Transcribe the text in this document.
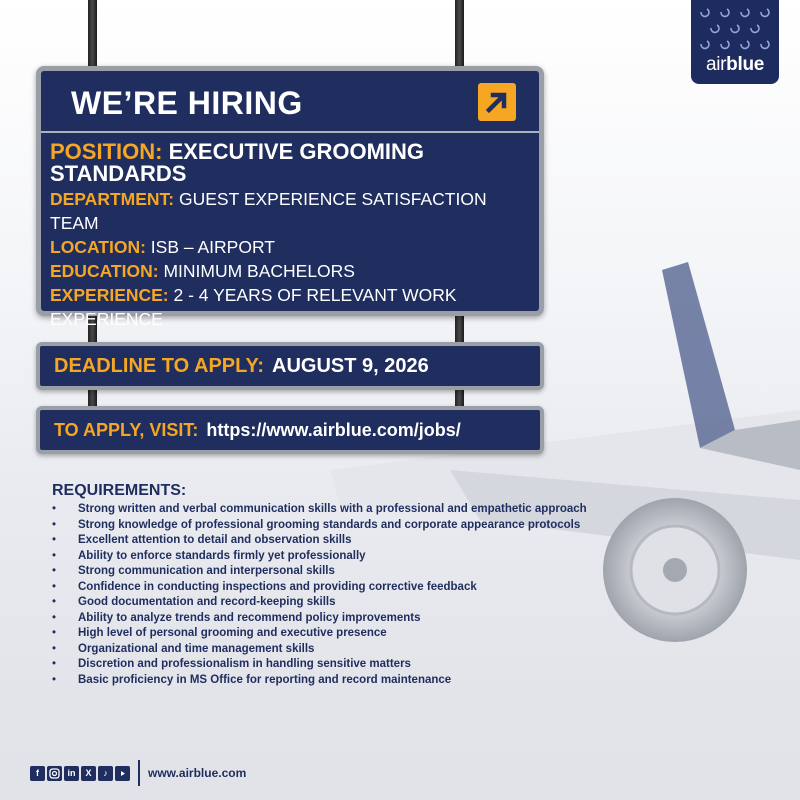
airblue
WE’RE HIRING
POSITION: EXECUTIVE GROOMING STANDARDS
DEPARTMENT: GUEST EXPERIENCE SATISFACTION TEAM
LOCATION: ISB – AIRPORT
EDUCATION: MINIMUM BACHELORS
EXPERIENCE: 2 - 4 YEARS OF RELEVANT WORK EXPERIENCE
DEADLINE TO APPLY: AUGUST 9, 2026
TO APPLY, VISIT: https://www.airblue.com/jobs/
REQUIREMENTS:
• Strong written and verbal communication skills with a professional and empathetic approach
• Strong knowledge of professional grooming standards and corporate appearance protocols
• Excellent attention to detail and observation skills
• Ability to enforce standards firmly yet professionally
• Strong communication and interpersonal skills
• Confidence in conducting inspections and providing corrective feedback
• Good documentation and record-keeping skills
• Ability to analyze trends and recommend policy improvements
• High level of personal grooming and executive presence
• Organizational and time management skills
• Discretion and professionalism in handling sensitive matters
• Basic proficiency in MS Office for reporting and record maintenance
f	in	X	♪	www.airblue.com
